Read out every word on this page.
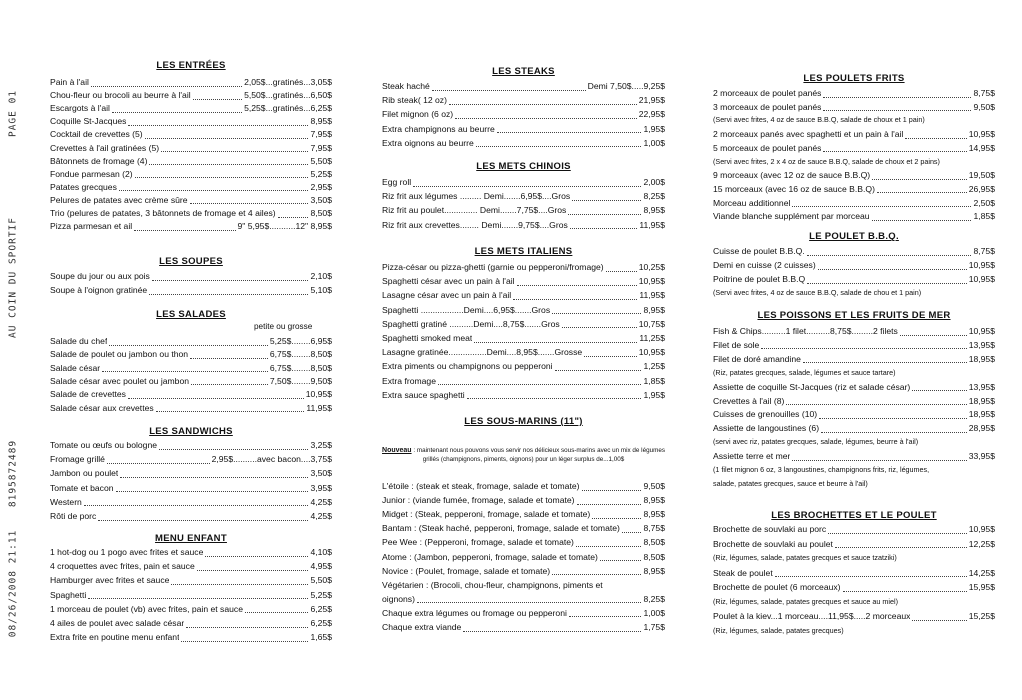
PAGE 01
AU COIN DU SPORTIF
8195872489
08/26/2008 21:11
LES ENTRÉES
Pain à l'ail	2,05$...gratinés...3,05$
Chou-fleur ou brocoli au beurre à l'ail	5,50$...gratinés...6,50$
Escargots à l'ail	5,25$...gratinés...6,25$
Coquille St-Jacques	8,95$
Cocktail de crevettes (5)	7,95$
Crevettes à l'ail gratinées (5)	7,95$
Bâtonnets de fromage (4)	5,50$
Fondue parmesan (2)	5,25$
Patates grecques	2,95$
Pelures de patates avec crème sûre	3,50$
Trio (pelures de patates, 3 bâtonnets de fromage et 4 ailes)	8,50$
Pizza parmesan et ail	9" 5,95$...........12" 8,95$
LES SOUPES
Soupe du jour ou aux pois	2,10$
Soupe à l'oignon gratinée	5,10$
LES SALADES
petite ou grosse
Salade du chef	5,25$........6,95$
Salade de poulet ou jambon ou thon	6,75$........8,50$
Salade césar	6,75$........8,50$
Salade césar avec poulet ou jambon	7,50$........9,50$
Salade de crevettes	10,95$
Salade césar aux crevettes	11,95$
LES SANDWICHS
Tomate ou œufs ou bologne	3,25$
Fromage grillé	2,95$..........avec bacon....3,75$
Jambon ou poulet	3,50$
Tomate et bacon	3,95$
Western	4,25$
Rôti de porc	4,25$
MENU ENFANT
1 hot-dog ou 1 pogo avec frites et sauce	4,10$
4 croquettes avec frites, pain et sauce	4,95$
Hamburger avec frites et sauce	5,50$
Spaghetti	5,25$
1 morceau de poulet (vb) avec frites, pain et sauce	6,25$
4 ailes de poulet avec salade césar	6,25$
Extra frite en poutine menu enfant	1,65$
LES STEAKS
Steak haché	Demi 7,50$.....9,25$
Rib steak( 12 oz)	21,95$
Filet mignon (6 oz)	22,95$
Extra champignons au beurre	1,95$
Extra oignons au beurre	1,00$
LES METS CHINOIS
Egg roll	2,00$
Riz frit aux légumes ......... Demi.......6,95$....Gros	8,25$
Riz frit au poulet.............. Demi.......7,75$....Gros	8,95$
Riz frit aux crevettes........ Demi.......9,75$....Gros	11,95$
LES METS ITALIENS
Pizza-césar ou pizza-ghetti (garnie ou pepperoni/fromage)	10,25$
Spaghetti césar avec un pain à l'ail	10,95$
Lasagne césar avec un pain à l'ail	11,95$
Spaghetti ..................Demi....6,95$.......Gros	8,95$
Spaghetti gratiné ..........Demi....8,75$.......Gros	10,75$
Spaghetti smoked meat	11,25$
Lasagne gratinée................Demi....8,95$.......Grosse	10,95$
Extra piments ou champignons ou pepperoni	1,25$
Extra fromage	1,85$
Extra sauce spaghetti	1,95$
LES SOUS-MARINS (11")
Nouveau : maintenant nous pouvons vous servir nos délicieux sous-marins avec un mix de légumes grillés (champignons, piments, oignons) pour un léger surplus de...1,00$
L'étoile : (steak et steak, fromage, salade et tomate)	9,50$
Junior : (viande fumée, fromage, salade et tomate)	8,95$
Midget : (Steak, pepperoni, fromage, salade et tomate)	8,95$
Bantam : (Steak haché, pepperoni, fromage, salade et tomate)	8,75$
Pee Wee : (Pepperoni, fromage, salade et tomate)	8,50$
Atome : (Jambon, pepperoni, fromage, salade et tomate)	8,50$
Novice : (Poulet, fromage, salade et tomate)	8,95$
Végétarien : (Brocoli, chou-fleur, champignons, piments et
oignons)	8,25$
Chaque extra légumes ou fromage ou pepperoni	1,00$
Chaque extra viande	1,75$
LES POULETS FRITS
2 morceaux de poulet panés	8,75$
3 morceaux de poulet panés	9,50$
(Servi avec frites, 4 oz de sauce B.B.Q, salade de choux et 1 pain)
2 morceaux panés avec spaghetti et un pain à l'ail	10,95$
5 morceaux de poulet panés	14,95$
(Servi avec frites, 2 x 4 oz de sauce B.B.Q, salade de choux et 2 pains)
9 morceaux (avec 12 oz de sauce B.B.Q)	19,50$
15 morceaux (avec 16 oz de sauce B.B.Q)	26,95$
Morceau additionnel	2,50$
Viande blanche supplément par morceau	1,85$
LE POULET B.B.Q.
Cuisse de poulet B.B.Q.	8,75$
Demi en cuisse (2 cuisses)	10,95$
Poitrine de poulet B.B.Q	10,95$
(Servi avec frites, 4 oz de sauce B.B.Q, salade de chou et 1 pain)
LES POISSONS ET LES FRUITS DE MER
Fish & Chips..........1 filet..........8,75$.........2 filets	10,95$
Filet de sole	13,95$
Filet de doré amandine	18,95$
(Riz, patates grecques, salade, légumes et sauce tartare)
Assiette de coquille St-Jacques (riz et salade césar)	13,95$
Crevettes à l'ail (8)	18,95$
Cuisses de grenouilles (10)	18,95$
Assiette de langoustines (6)	28,95$
(servi avec riz, patates grecques, salade, légumes, beurre à l'ail)
Assiette terre et mer	33,95$
(1 filet mignon 6 oz, 3 langoustines, champignons frits, riz, légumes,
salade, patates grecques, sauce et beurre à l'ail)
LES BROCHETTES ET LE POULET
Brochette de souvlaki au porc	10,95$
Brochette de souvlaki au poulet	12,25$
(Riz, légumes, salade, patates grecques et sauce tzatziki)
Steak de poulet	14,25$
Brochette de poulet (6 morceaux)	15,95$
(Riz, légumes, salade, patates grecques et sauce au miel)
Poulet à la kiev...1 morceau....11,95$.....2 morceaux	15,25$
(Riz, légumes, salade, patates grecques)
